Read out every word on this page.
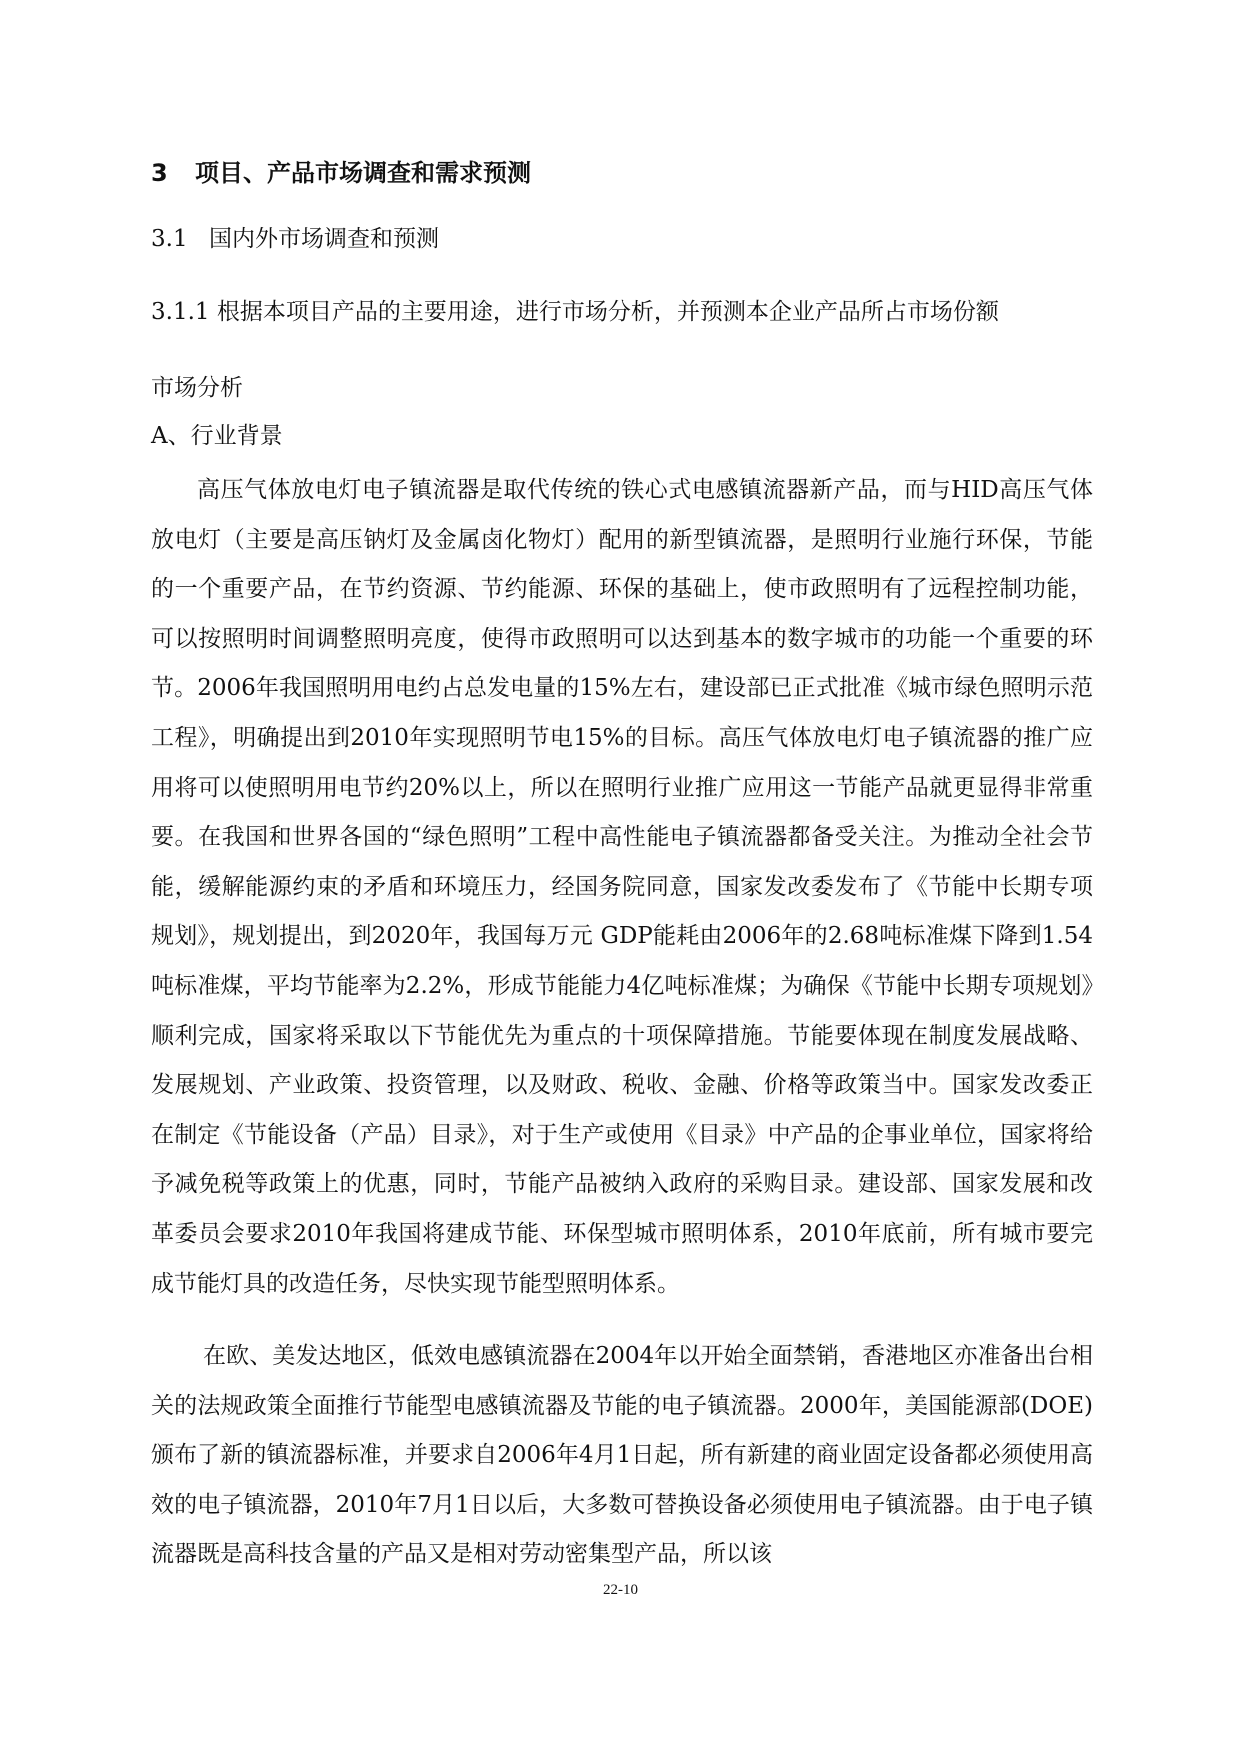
3 项目、产品市场调查和需求预测
3.1 国内外市场调查和预测
3.1.1 根据本项目产品的主要用途，进行市场分析，并预测本企业产品所占市场份额
市场分析
A、行业背景

高压气体放电灯电子镇流器是取代传统的铁心式电感镇流器新产品，而与HID高压气体放电灯（主要是高压钠灯及金属卤化物灯）配用的新型镇流器，是照明行业施行环保，节能的一个重要产品，在节约资源、节约能源、环保的基础上，使市政照明有了远程控制功能，可以按照明时间调整照明亮度，使得市政照明可以达到基本的数字城市的功能一个重要的环节。2006年我国照明用电约占总发电量的15%左右，建设部已正式批准《城市绿色照明示范工程》，明确提出到2010年实现照明节电15%的目标。高压气体放电灯电子镇流器的推广应用将可以使照明用电节约20%以上，所以在照明行业推广应用这一节能产品就更显得非常重要。在我国和世界各国的“绿色照明”工程中高性能电子镇流器都备受关注。为推动全社会节能，缓解能源约束的矛盾和环境压力，经国务院同意，国家发改委发布了《节能中长期专项规划》，规划提出，到2020年，我国每万元 GDP能耗由2006年的2.68吨标准煤下降到1.54吨标准煤，平均节能率为2.2%，形成节能能力4亿吨标准煤；为确保《节能中长期专项规划》顺利完成，国家将采取以下节能优先为重点的十项保障措施。节能要体现在制度发展战略、发展规划、产业政策、投资管理，以及财政、税收、金融、价格等政策当中。国家发改委正在制定《节能设备（产品）目录》，对于生产或使用《目录》中产品的企事业单位，国家将给予减免税等政策上的优惠，同时，节能产品被纳入政府的采购目录。建设部、国家发展和改革委员会要求2010年我国将建成节能、环保型城市照明体系，2010年底前，所有城市要完成节能灯具的改造任务，尽快实现节能型照明体系。

在欧、美发达地区，低效电感镇流器在2004年以开始全面禁销，香港地区亦准备出台相关的法规政策全面推行节能型电感镇流器及节能的电子镇流器。2000年，美国能源部(DOE)颁布了新的镇流器标准，并要求自2006年4月1日起，所有新建的商业固定设备都必须使用高效的电子镇流器，2010年7月1日以后，大多数可替换设备必须使用电子镇流器。由于电子镇流器既是高科技含量的产品又是相对劳动密集型产品，所以该

22-10
